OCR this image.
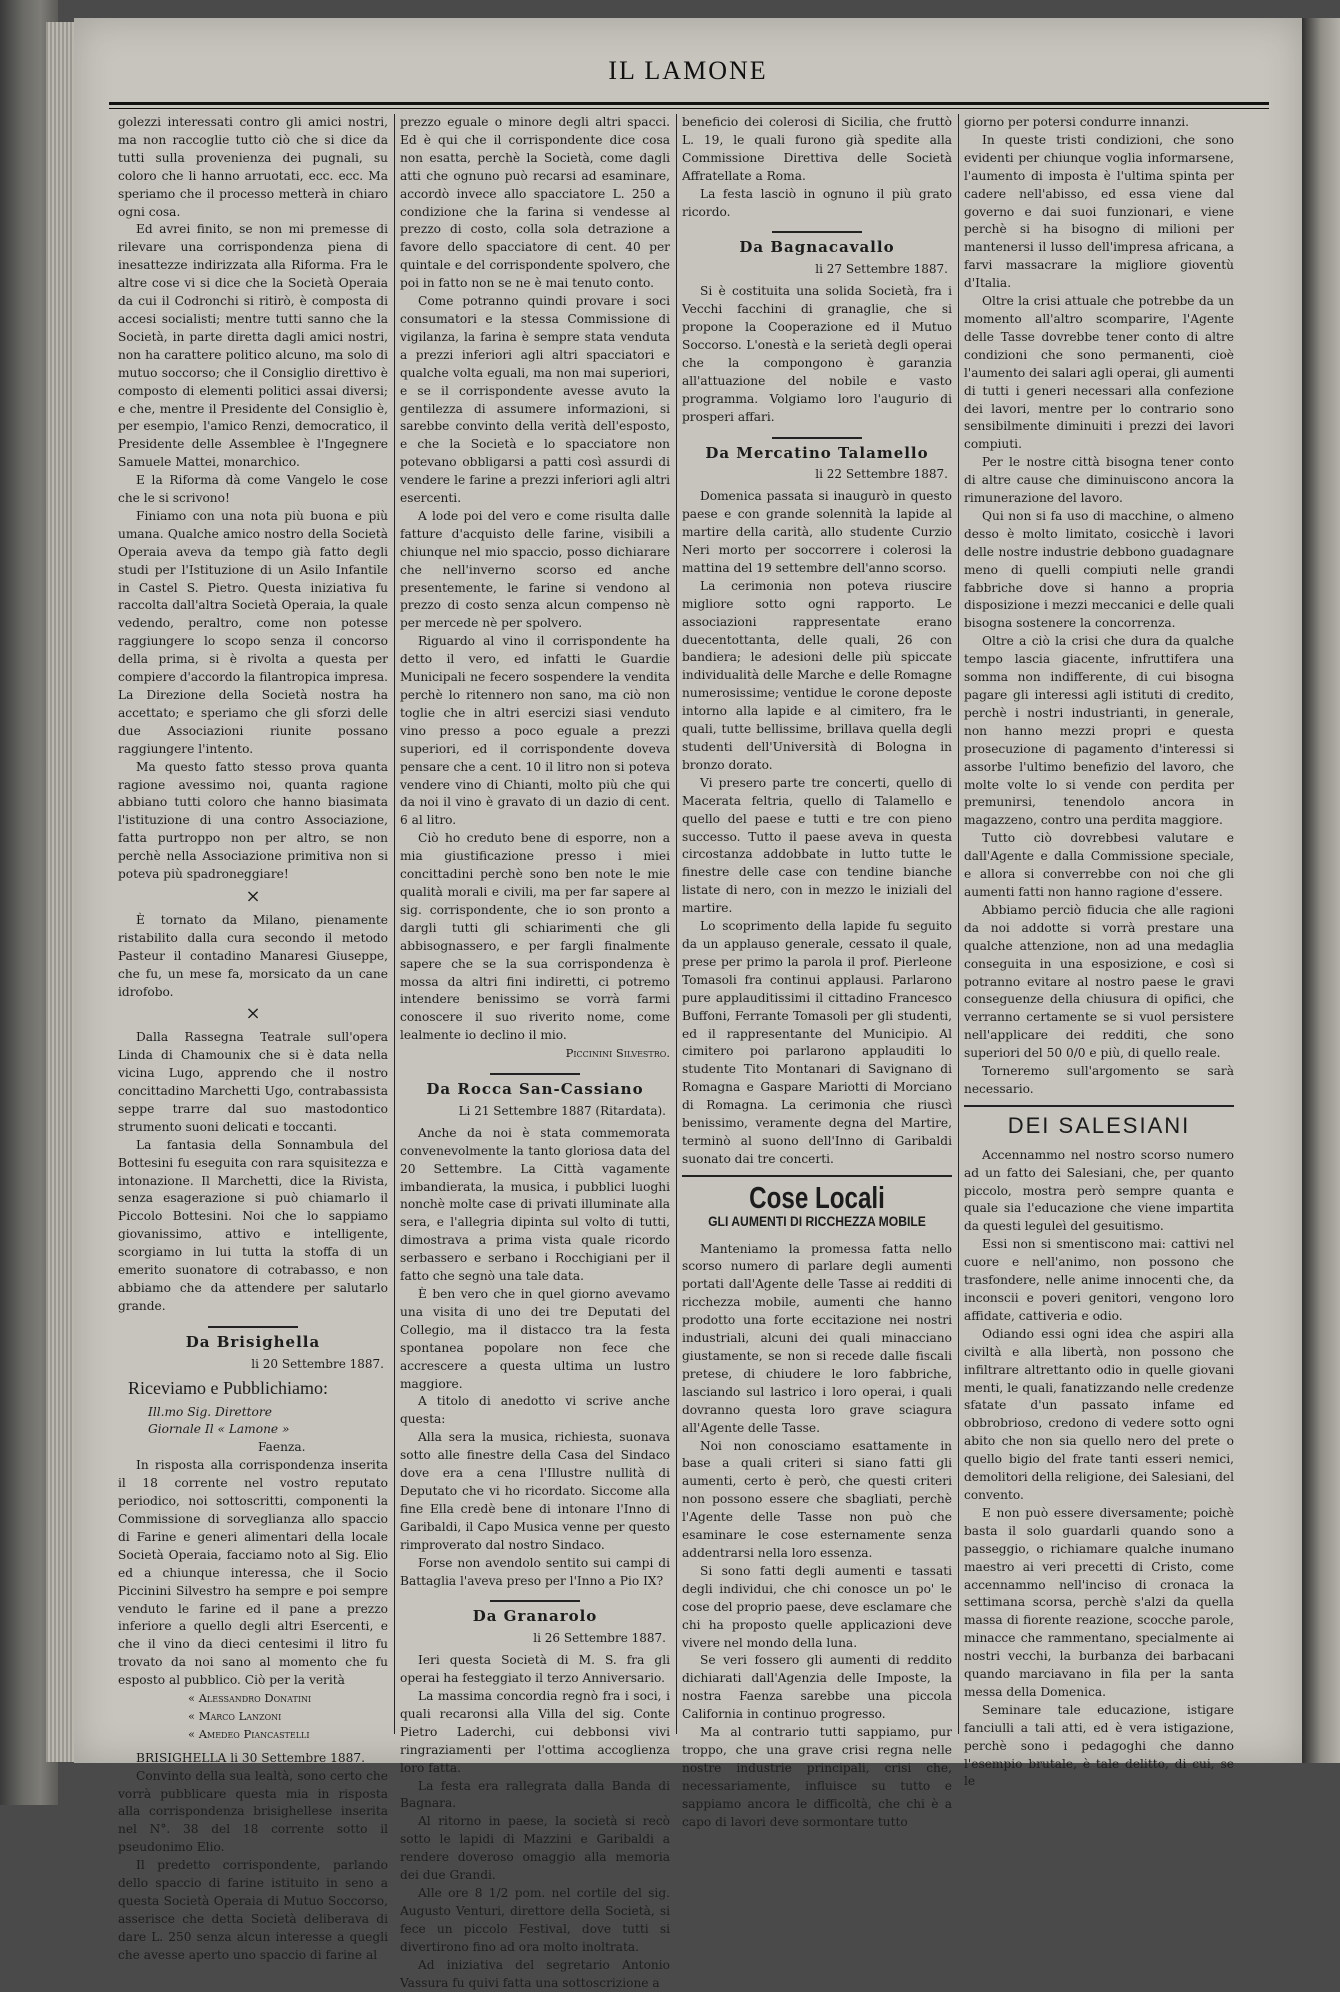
IL LAMONE

golezzi interessati contro gli amici nostri, ma non raccoglie tutto ciò che si dice da tutti sulla provenienza dei pugnali, su coloro che li hanno arruotati, ecc. ecc. Ma speriamo che il processo metterà in chiaro ogni cosa.

Ed avrei finito, se non mi premesse di rilevare una corrispondenza piena di inesattezze indirizzata alla Riforma. Fra le altre cose vi si dice che la Società Operaia da cui il Codronchi si ritirò, è composta di accesi socialisti; mentre tutti sanno che la Società, in parte diretta dagli amici nostri, non ha carattere politico alcuno, ma solo di mutuo soccorso; che il Consiglio direttivo è composto di elementi politici assai diversi; e che, mentre il Presidente del Consiglio è, per esempio, l'amico Renzi, democratico, il Presidente delle Assemblee è l'Ingegnere Samuele Mattei, monarchico.

E la Riforma dà come Vangelo le cose che le si scrivono!

Finiamo con una nota più buona e più umana. Qualche amico nostro della Società Operaia aveva da tempo già fatto degli studi per l'Istituzione di un Asilo Infantile in Castel S. Pietro. Questa iniziativa fu raccolta dall'altra Società Operaia, la quale vedendo, peraltro, come non potesse raggiungere lo scopo senza il concorso della prima, si è rivolta a questa per compiere d'accordo la filantropica impresa. La Direzione della Società nostra ha accettato; e speriamo che gli sforzi delle due Associazioni riunite possano raggiungere l'intento.

Ma questo fatto stesso prova quanta ragione avessimo noi, quanta ragione abbiano tutti coloro che hanno biasimata l'istituzione di una contro Associazione, fatta purtroppo non per altro, se non perchè nella Associazione primitiva non si poteva più spadroneggiare!

×

È tornato da Milano, pienamente ristabilito dalla cura secondo il metodo Pasteur il contadino Manaresi Giuseppe, che fu, un mese fa, morsicato da un cane idrofobo.

×

Dalla Rassegna Teatrale sull'opera Linda di Chamounix che si è data nella vicina Lugo, apprendo che il nostro concittadino Marchetti Ugo, contrabassista seppe trarre dal suo mastodontico strumento suoni delicati e toccanti.

La fantasia della Sonnambula del Bottesini fu eseguita con rara squisitezza e intonazione. Il Marchetti, dice la Rivista, senza esagerazione si può chiamarlo il Piccolo Bottesini. Noi che lo sappiamo giovanissimo, attivo e intelligente, scorgiamo in lui tutta la stoffa di un emerito suonatore di cotrabasso, e non abbiamo che da attendere per salutarlo grande.

Da Brisighella
li 20 Settembre 1887.
Riceviamo e Pubblichiamo:
Ill.mo Sig. Direttore
Giornale Il « Lamone »
Faenza.

In risposta alla corrispondenza inserita il 18 corrente nel vostro reputato periodico, noi sottoscritti, componenti la Commissione di sorveglianza allo spaccio di Farine e generi alimentari della locale Società Operaia, facciamo noto al Sig. Elio ed a chiunque interessa, che il Socio Piccinini Silvestro ha sempre e poi sempre venduto le farine ed il pane a prezzo inferiore a quello degli altri Esercenti, e che il vino da dieci centesimi il litro fu trovato da noi sano al momento che fu esposto al pubblico. Ciò per la verità

« Alessandro Donatini
« Marco Lanzoni
« Amedeo Piancastelli

BRISIGHELLA li 30 Settembre 1887.

Convinto della sua lealtà, sono certo che vorrà pubblicare questa mia in risposta alla corrispondenza brisighellese inserita nel N°. 38 del 18 corrente sotto il pseudonimo Elio.

Il predetto corrispondente, parlando dello spaccio di farine istituito in seno a questa Società Operaia di Mutuo Soccorso, asserisce che detta Società deliberava di dare L. 250 senza alcun interesse a quegli che avesse aperto uno spaccio di farine al

prezzo eguale o minore degli altri spacci. Ed è qui che il corrispondente dice cosa non esatta, perchè la Società, come dagli atti che ognuno può recarsi ad esaminare, accordò invece allo spacciatore L. 250 a condizione che la farina si vendesse al prezzo di costo, colla sola detrazione a favore dello spacciatore di cent. 40 per quintale e del corrispondente spolvero, che poi in fatto non se ne è mai tenuto conto.

Come potranno quindi provare i soci consumatori e la stessa Commissione di vigilanza, la farina è sempre stata venduta a prezzi inferiori agli altri spacciatori e qualche volta eguali, ma non mai superiori, e se il corrispondente avesse avuto la gentilezza di assumere informazioni, si sarebbe convinto della verità dell'esposto, e che la Società e lo spacciatore non potevano obbligarsi a patti così assurdi di vendere le farine a prezzi inferiori agli altri esercenti.

A lode poi del vero e come risulta dalle fatture d'acquisto delle farine, visibili a chiunque nel mio spaccio, posso dichiarare che nell'inverno scorso ed anche presentemente, le farine si vendono al prezzo di costo senza alcun compenso nè per mercede nè per spolvero.

Riguardo al vino il corrispondente ha detto il vero, ed infatti le Guardie Municipali ne fecero sospendere la vendita perchè lo ritennero non sano, ma ciò non toglie che in altri esercizi siasi venduto vino presso a poco eguale a prezzi superiori, ed il corrispondente doveva pensare che a cent. 10 il litro non si poteva vendere vino di Chianti, molto più che qui da noi il vino è gravato di un dazio di cent. 6 al litro.

Ciò ho creduto bene di esporre, non a mia giustificazione presso i miei concittadini perchè sono ben note le mie qualità morali e civili, ma per far sapere al sig. corrispondente, che io son pronto a dargli tutti gli schiarimenti che gli abbisognassero, e per fargli finalmente sapere che se la sua corrispondenza è mossa da altri fini indiretti, ci potremo intendere benissimo se vorrà farmi conoscere il suo riverito nome, come lealmente io declino il mio.

Piccinini Silvestro.
Da Rocca San-Cassiano
Li 21 Settembre 1887 (Ritardata).

Anche da noi è stata commemorata convenevolmente la tanto gloriosa data del 20 Settembre. La Città vagamente imbandierata, la musica, i pubblici luoghi nonchè molte case di privati illuminate alla sera, e l'allegria dipinta sul volto di tutti, dimostrava a prima vista quale ricordo serbassero e serbano i Rocchigiani per il fatto che segnò una tale data.

È ben vero che in quel giorno avevamo una visita di uno dei tre Deputati del Collegio, ma il distacco tra la festa spontanea popolare non fece che accrescere a questa ultima un lustro maggiore.

A titolo di anedotto vi scrive anche questa:

Alla sera la musica, richiesta, suonava sotto alle finestre della Casa del Sindaco dove era a cena l'Illustre nullità di Deputato che vi ho ricordato. Siccome alla fine Ella credè bene di intonare l'Inno di Garibaldi, il Capo Musica venne per questo rimproverato dal nostro Sindaco.

Forse non avendolo sentito sui campi di Battaglia l'aveva preso per l'Inno a Pio IX?

Da Granarolo
li 26 Settembre 1887.

Ieri questa Società di M. S. fra gli operai ha festeggiato il terzo Anniversario.

La massima concordia regnò fra i soci, i quali recaronsi alla Villa del sig. Conte Pietro Laderchi, cui debbonsi vivi ringraziamenti per l'ottima accoglienza loro fatta.

La festa era rallegrata dalla Banda di Bagnara.

Al ritorno in paese, la società si recò sotto le lapidi di Mazzini e Garibaldi a rendere doveroso omaggio alla memoria dei due Grandi.

Alle ore 8 1/2 pom. nel cortile del sig. Augusto Venturi, direttore della Società, si fece un piccolo Festival, dove tutti si divertirono fino ad ora molto inoltrata.

Ad iniziativa del segretario Antonio Vassura fu quivi fatta una sottoscrizione a

beneficio dei colerosi di Sicilia, che fruttò L. 19, le quali furono già spedite alla Commissione Direttiva delle Società Affratellate a Roma.

La festa lasciò in ognuno il più grato ricordo.

Da Bagnacavallo
li 27 Settembre 1887.

Si è costituita una solida Società, fra i Vecchi facchini di granaglie, che si propone la Cooperazione ed il Mutuo Soccorso. L'onestà e la serietà degli operai che la compongono è garanzia all'attuazione del nobile e vasto programma. Volgiamo loro l'augurio di prosperi affari.

Da Mercatino Talamello
li 22 Settembre 1887.

Domenica passata si inaugurò in questo paese e con grande solennità la lapide al martire della carità, allo studente Curzio Neri morto per soccorrere i colerosi la mattina del 19 settembre dell'anno scorso.

La cerimonia non poteva riuscire migliore sotto ogni rapporto. Le associazioni rappresentate erano duecentottanta, delle quali, 26 con bandiera; le adesioni delle più spiccate individualità delle Marche e delle Romagne numerosissime; ventidue le corone deposte intorno alla lapide e al cimitero, fra le quali, tutte bellissime, brillava quella degli studenti dell'Università di Bologna in bronzo dorato.

Vi presero parte tre concerti, quello di Macerata feltria, quello di Talamello e quello del paese e tutti e tre con pieno successo. Tutto il paese aveva in questa circostanza addobbate in lutto tutte le finestre delle case con tendine bianche listate di nero, con in mezzo le iniziali del martire.

Lo scoprimento della lapide fu seguito da un applauso generale, cessato il quale, prese per primo la parola il prof. Pierleone Tomasoli fra continui applausi. Parlarono pure applauditissimi il cittadino Francesco Buffoni, Ferrante Tomasoli per gli studenti, ed il rappresentante del Municipio. Al cimitero poi parlarono applauditi lo studente Tito Montanari di Savignano di Romagna e Gaspare Mariotti di Morciano di Romagna. La cerimonia che riuscì benissimo, veramente degna del Martire, terminò al suono dell'Inno di Garibaldi suonato dai tre concerti.

Cose Locali
GLI AUMENTI DI RICCHEZZA MOBILE

Manteniamo la promessa fatta nello scorso numero di parlare degli aumenti portati dall'Agente delle Tasse ai redditi di ricchezza mobile, aumenti che hanno prodotto una forte eccitazione nei nostri industriali, alcuni dei quali minacciano giustamente, se non si recede dalle fiscali pretese, di chiudere le loro fabbriche, lasciando sul lastrico i loro operai, i quali dovranno questa loro grave sciagura all'Agente delle Tasse.

Noi non conosciamo esattamente in base a quali criteri si siano fatti gli aumenti, certo è però, che questi criteri non possono essere che sbagliati, perchè l'Agente delle Tasse non può che esaminare le cose esternamente senza addentrarsi nella loro essenza.

Si sono fatti degli aumenti e tassati degli individui, che chi conosce un po' le cose del proprio paese, deve esclamare che chi ha proposto quelle applicazioni deve vivere nel mondo della luna.

Se veri fossero gli aumenti di reddito dichiarati dall'Agenzia delle Imposte, la nostra Faenza sarebbe una piccola California in continuo progresso.

Ma al contrario tutti sappiamo, pur troppo, che una grave crisi regna nelle nostre industrie principali, crisi che, necessariamente, influisce su tutto e sappiamo ancora le difficoltà, che chi è a capo di lavori deve sormontare tutto

giorno per potersi condurre innanzi.

In queste tristi condizioni, che sono evidenti per chiunque voglia informarsene, l'aumento di imposta è l'ultima spinta per cadere nell'abisso, ed essa viene dal governo e dai suoi funzionari, e viene perchè si ha bisogno di milioni per mantenersi il lusso dell'impresa africana, a farvi massacrare la migliore gioventù d'Italia.

Oltre la crisi attuale che potrebbe da un momento all'altro scomparire, l'Agente delle Tasse dovrebbe tener conto di altre condizioni che sono permanenti, cioè l'aumento dei salari agli operai, gli aumenti di tutti i generi necessari alla confezione dei lavori, mentre per lo contrario sono sensibilmente diminuiti i prezzi dei lavori compiuti.

Per le nostre città bisogna tener conto di altre cause che diminuiscono ancora la rimunerazione del lavoro.

Qui non si fa uso di macchine, o almeno desso è molto limitato, cosicchè i lavori delle nostre industrie debbono guadagnare meno di quelli compiuti nelle grandi fabbriche dove si hanno a propria disposizione i mezzi meccanici e delle quali bisogna sostenere la concorrenza.

Oltre a ciò la crisi che dura da qualche tempo lascia giacente, infruttifera una somma non indifferente, di cui bisogna pagare gli interessi agli istituti di credito, perchè i nostri industrianti, in generale, non hanno mezzi propri e questa prosecuzione di pagamento d'interessi si assorbe l'ultimo benefizio del lavoro, che molte volte lo si vende con perdita per premunirsi, tenendolo ancora in magazzeno, contro una perdita maggiore.

Tutto ciò dovrebbesi valutare e dall'Agente e dalla Commissione speciale, e allora si converrebbe con noi che gli aumenti fatti non hanno ragione d'essere.

Abbiamo perciò fiducia che alle ragioni da noi addotte si vorrà prestare una qualche attenzione, non ad una medaglia conseguita in una esposizione, e così si potranno evitare al nostro paese le gravi conseguenze della chiusura di opifici, che verranno certamente se si vuol persistere nell'applicare dei redditi, che sono superiori del 50 0/0 e più, di quello reale.

Torneremo sull'argomento se sarà necessario.

DEI SALESIANI

Accennammo nel nostro scorso numero ad un fatto dei Salesiani, che, per quanto piccolo, mostra però sempre quanta e quale sia l'educazione che viene impartita da questi leguleì del gesuitismo.

Essi non si smentiscono mai: cattivi nel cuore e nell'animo, non possono che trasfondere, nelle anime innocenti che, da inconscii e poveri genitori, vengono loro affidate, cattiveria e odio.

Odiando essi ogni idea che aspiri alla civiltà e alla libertà, non possono che infiltrare altrettanto odio in quelle giovani menti, le quali, fanatizzando nelle credenze sfatate d'un passato infame ed obbrobrioso, credono di vedere sotto ogni abito che non sia quello nero del prete o quello bigio del frate tanti esseri nemici, demolitori della religione, dei Salesiani, del convento.

E non può essere diversamente; poichè basta il solo guardarli quando sono a passeggio, o richiamare qualche inumano maestro ai veri precetti di Cristo, come accennammo nell'inciso di cronaca la settimana scorsa, perchè s'alzi da quella massa di fiorente reazione, scocche parole, minacce che rammentano, specialmente ai nostri vecchi, la burbanza dei barbacani quando marciavano in fila per la santa messa della Domenica.

Seminare tale educazione, istigare fanciulli a tali atti, ed è vera istigazione, perchè sono i pedagoghi che danno l'esempio brutale, è tale delitto, di cui, se le
